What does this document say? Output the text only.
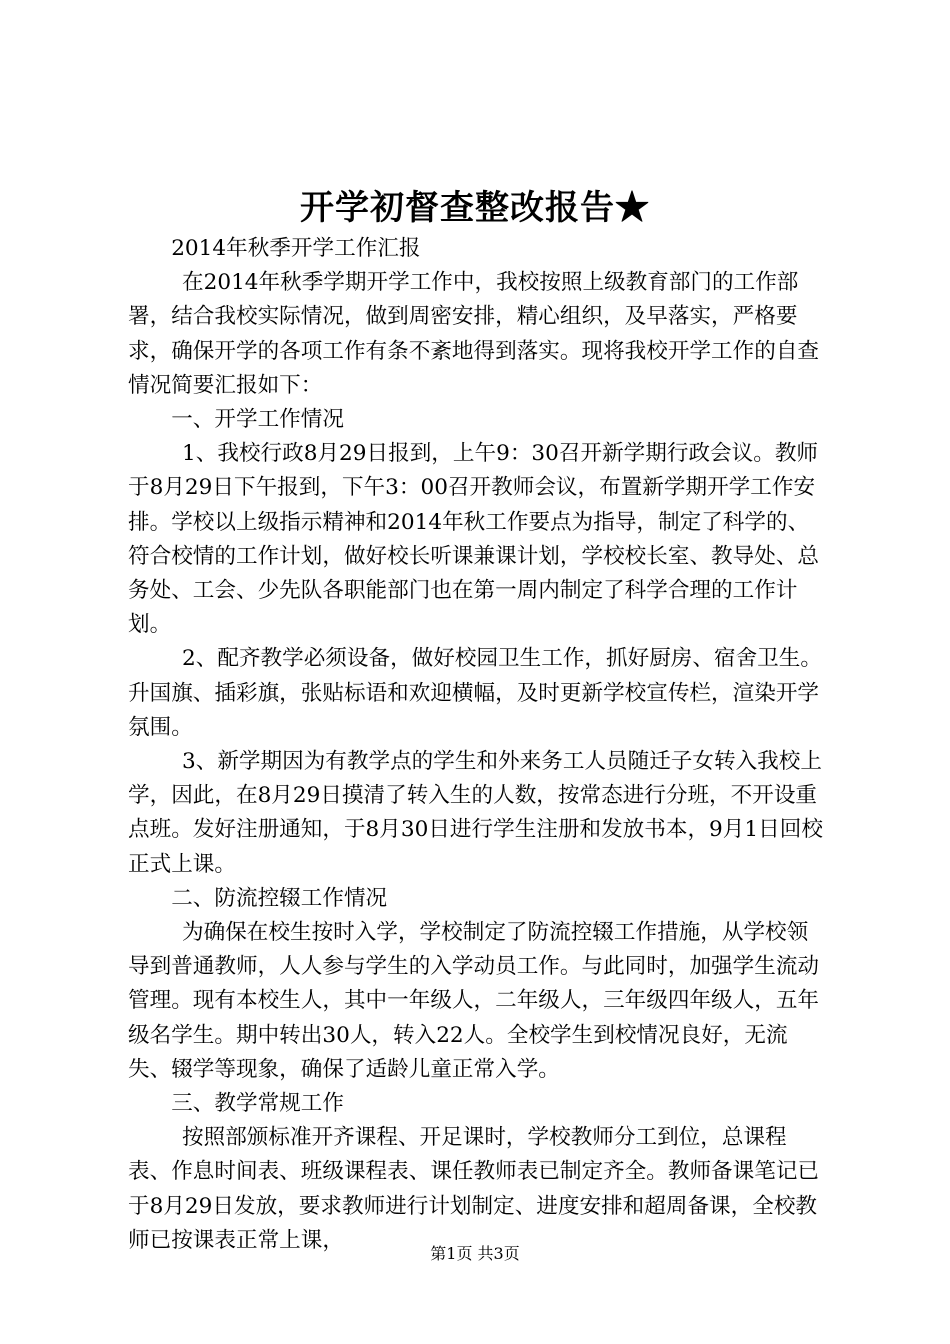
开学初督查整改报告★

2014年秋季开学工作汇报

在2014年秋季学期开学工作中，我校按照上级教育部门的工作部署，结合我校实际情况，做到周密安排，精心组织，及早落实，严格要求，确保开学的各项工作有条不紊地得到落实。现将我校开学工作的自查情况简要汇报如下：

一、开学工作情况

1、我校行政8月29日报到，上午9：30召开新学期行政会议。教师于8月29日下午报到，下午3：00召开教师会议，布置新学期开学工作安排。学校以上级指示精神和2014年秋工作要点为指导，制定了科学的、符合校情的工作计划，做好校长听课兼课计划，学校校长室、教导处、总务处、工会、少先队各职能部门也在第一周内制定了科学合理的工作计划。

2、配齐教学必须设备，做好校园卫生工作，抓好厨房、宿舍卫生。升国旗、插彩旗，张贴标语和欢迎横幅，及时更新学校宣传栏，渲染开学氛围。

3、新学期因为有教学点的学生和外来务工人员随迁子女转入我校上学，因此，在8月29日摸清了转入生的人数，按常态进行分班，不开设重点班。发好注册通知，于8月30日进行学生注册和发放书本，9月1日回校正式上课。

二、防流控辍工作情况

为确保在校生按时入学，学校制定了防流控辍工作措施，从学校领导到普通教师，人人参与学生的入学动员工作。与此同时，加强学生流动管理。现有本校生人，其中一年级人，二年级人，三年级四年级人，五年级名学生。期中转出30人，转入22人。全校学生到校情况良好，无流失、辍学等现象，确保了适龄儿童正常入学。

三、教学常规工作

按照部颁标准开齐课程、开足课时，学校教师分工到位，总课程表、作息时间表、班级课程表、课任教师表已制定齐全。教师备课笔记已于8月29日发放，要求教师进行计划制定、进度安排和超周备课，全校教师已按课表正常上课，

第1页 共3页
